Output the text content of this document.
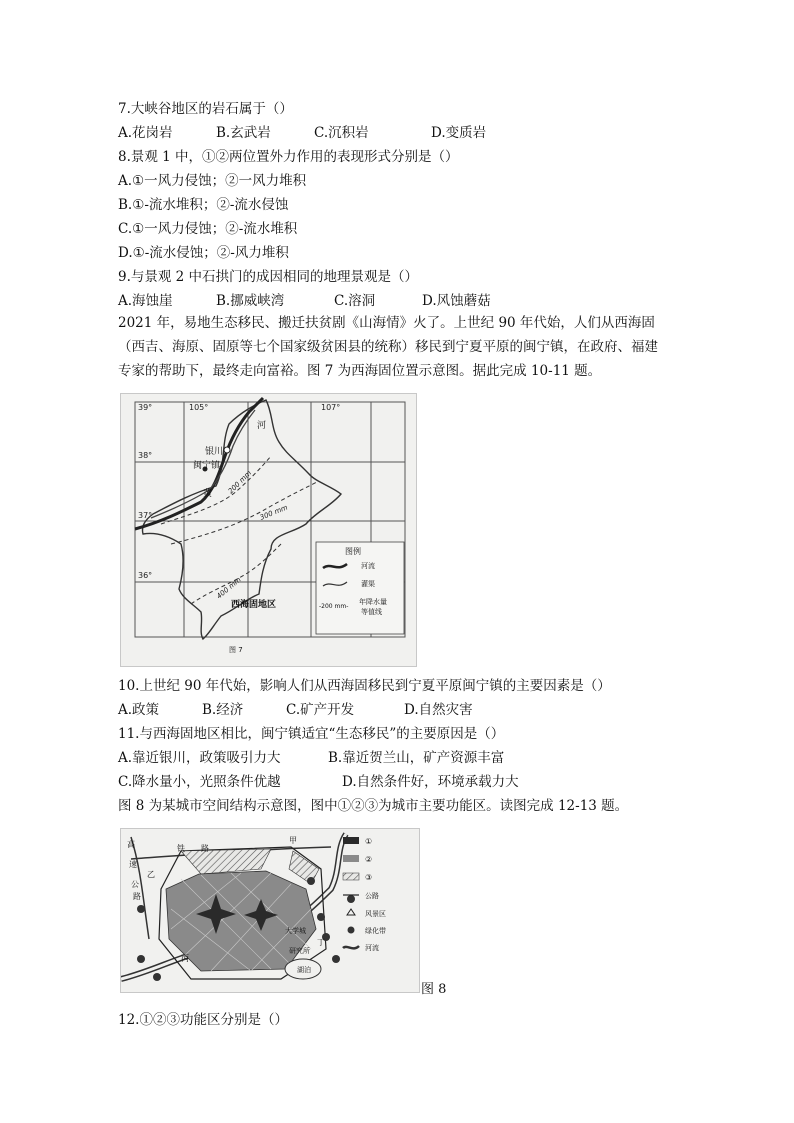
7.大峡谷地区的岩石属于（）
A.花岗岩	B.玄武岩	C.沉积岩	D.变质岩
8.景观 1 中，①②两位置外力作用的表现形式分别是（）
A.①一风力侵蚀；②一风力堆积
B.①-流水堆积；②-流水侵蚀
C.①一风力侵蚀；②-流水堆积
D.①-流水侵蚀；②-风力堆积
9.与景观 2 中石拱门的成因相同的地理景观是（）
A.海蚀崖	B.挪威峡湾	C.溶洞	D.风蚀蘑菇
2021 年，易地生态移民、搬迁扶贫剧《山海情》火了。上世纪 90 年代始，人们从西海固（西吉、海原、固原等七个国家级贫困县的统称）移民到宁夏平原的闽宁镇，在政府、福建专家的帮助下，最终走向富裕。图 7 为西海固位置示意图。据此完成 10-11 题。
39°
38°
37°
36°
105°	107°
河
银川
闽宁镇
黄
图 7
200 mm
300 mm
400 mm
西海固地区
图例
河流
灌渠
-200 mm-
年降水量
等值线
10.上世纪 90 年代始，影响人们从西海固移民到宁夏平原闽宁镇的主要因素是（）
A.政策	B.经济	C.矿产开发	D.自然灾害
11.与西海固地区相比，闽宁镇适宜“生态移民”的主要原因是（）
A.靠近银川，政策吸引力大	B.靠近贺兰山，矿产资源丰富
C.降水量小，光照条件优越	D.自然条件好，环境承载力大
图 8 为某城市空间结构示意图，图中①②③为城市主要功能区。读图完成 12-13 题。
高
速
公
路
铁 路
甲
乙
丙
丁
大学城
研究所
湖泊
①
②
③
公路
风景区
绿化带
河流
图 8
12.①②③功能区分别是（）
